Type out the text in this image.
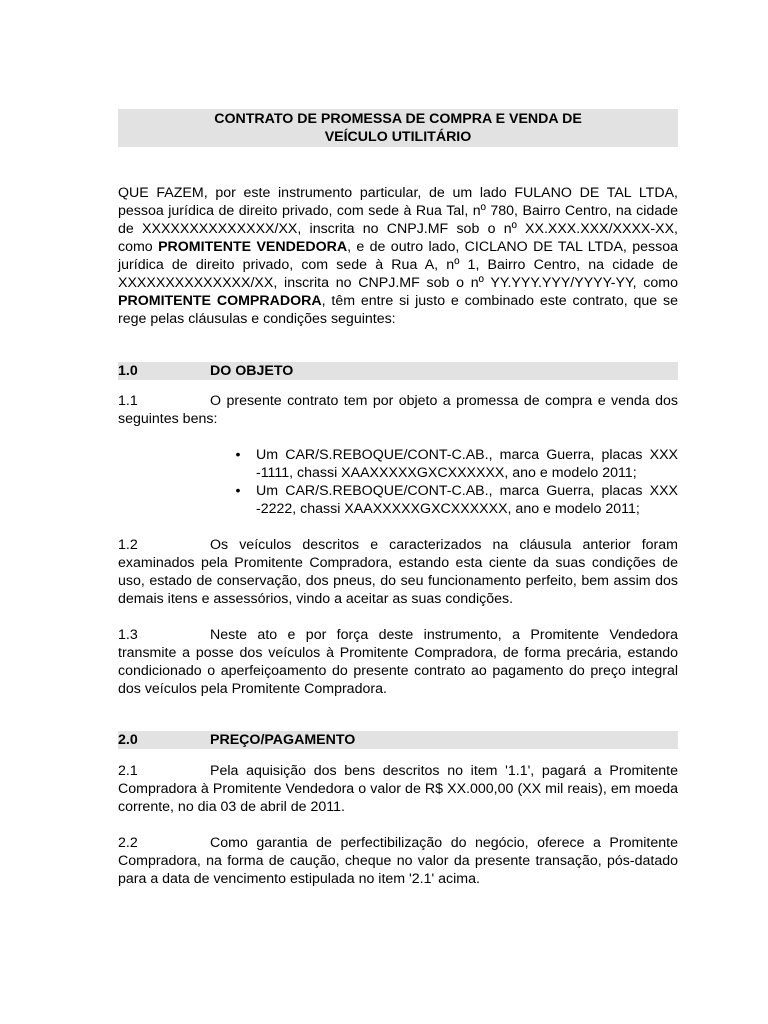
CONTRATO DE PROMESSA DE COMPRA E VENDA DE
VEÍCULO UTILITÁRIO

QUE FAZEM, por este instrumento particular, de um lado FULANO DE TAL LTDA, pessoa jurídica de direito privado, com sede à Rua Tal, nº 780, Bairro Centro, na cidade de XXXXXXXXXXXXXX/XX, inscrita no CNPJ.MF sob o nº XX.XXX.XXX/XXXX-XX, como PROMITENTE VENDEDORA, e de outro lado, CICLANO DE TAL LTDA, pessoa jurídica de direito privado, com sede à Rua A, nº 1, Bairro Centro, na cidade de XXXXXXXXXXXXXX/XX, inscrita no CNPJ.MF sob o nº YY.YYY.YYY/YYYY-YY, como PROMITENTE COMPRADORA, têm entre si justo e combinado este contrato, que se rege pelas cláusulas e condições seguintes:

1.0	DO OBJETO

1.1	O presente contrato tem por objeto a promessa de compra e venda dos seguintes bens:

• Um CAR/S.REBOQUE/CONT-C.AB., marca Guerra, placas XXX -1111, chassi XAAXXXXXGXCXXXXXX, ano e modelo 2011;
• Um CAR/S.REBOQUE/CONT-C.AB., marca Guerra, placas XXX -2222, chassi XAAXXXXXGXCXXXXXX, ano e modelo 2011;

1.2	Os veículos descritos e caracterizados na cláusula anterior foram examinados pela Promitente Compradora, estando esta ciente da suas condições de uso, estado de conservação, dos pneus, do seu funcionamento perfeito, bem assim dos demais itens e assessórios, vindo a aceitar as suas condições.

1.3	Neste ato e por força deste instrumento, a Promitente Vendedora transmite a posse dos veículos à Promitente Compradora, de forma precária, estando condicionado o aperfeiçoamento do presente contrato ao pagamento do preço integral dos veículos pela Promitente Compradora.

2.0	PREÇO/PAGAMENTO

2.1	Pela aquisição dos bens descritos no item '1.1', pagará a Promitente Compradora à Promitente Vendedora o valor de R$ XX.000,00 (XX mil reais), em moeda corrente, no dia 03 de abril de 2011.

2.2	Como garantia de perfectibilização do negócio, oferece a Promitente Compradora, na forma de caução, cheque no valor da presente transação, pós-datado para a data de vencimento estipulada no item '2.1' acima.
